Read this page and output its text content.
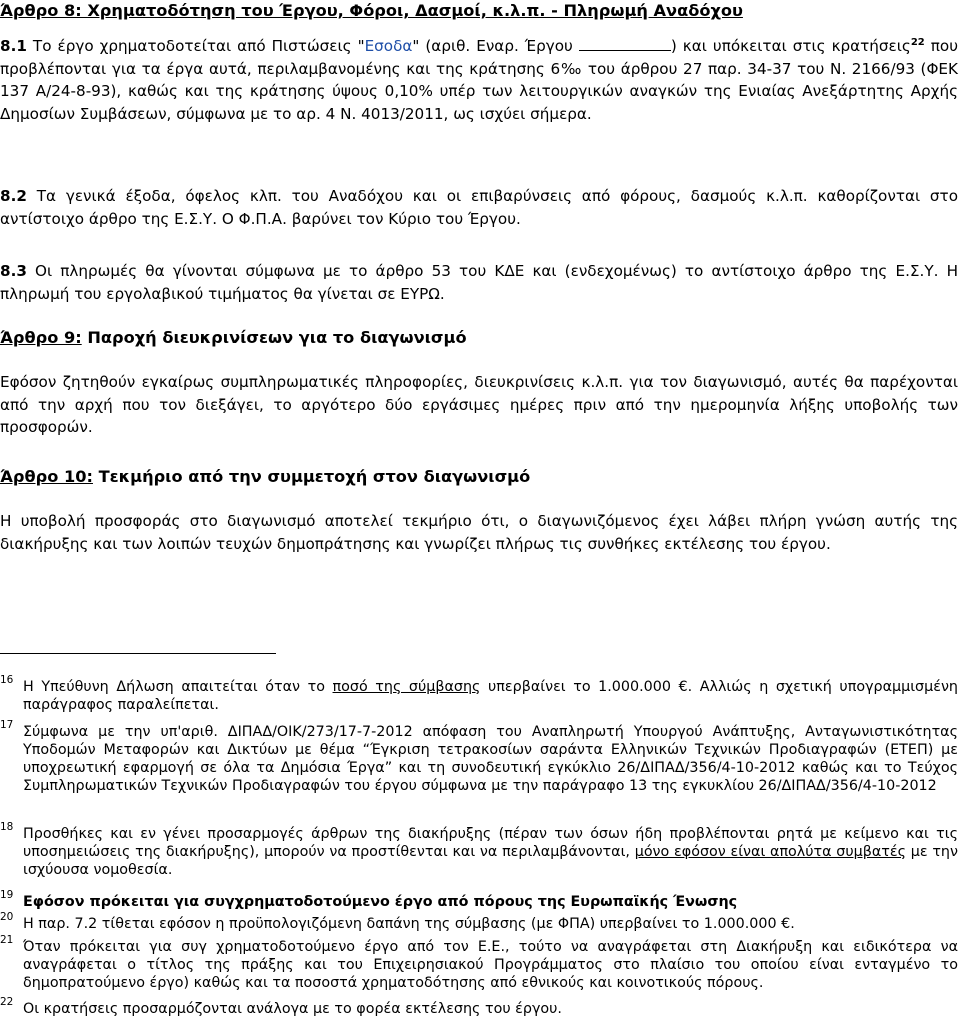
Άρθρο 8: Χρηματοδότηση του Έργου, Φόροι, Δασμοί, κ.λ.π. - Πληρωμή Αναδόχου

8.1 Το έργο χρηματοδοτείται από Πιστώσεις "Εσοδα" (αριθ. Εναρ. Έργου	) και υπόκειται στις κρατήσεις$^{22}$ που προβλέπονται για τα έργα αυτά, περιλαμβανομένης και της κράτησης 6‰ του άρθρου 27 παρ. 34-37 του Ν. 2166/93 (ΦΕΚ 137 Α/24-8-93), καθώς και της κράτησης ύψους 0,10% υπέρ των λειτουργικών αναγκών της Ενιαίας Ανεξάρτητης Αρχής Δημοσίων Συμβάσεων, σύμφωνα με το αρ. 4 Ν. 4013/2011, ως ισχύει σήμερα.

8.2 Τα γενικά έξοδα, όφελος κλπ. του Αναδόχου και οι επιβαρύνσεις από φόρους, δασμούς κ.λ.π. καθορίζονται στο αντίστοιχο άρθρο της Ε.Σ.Υ. Ο Φ.Π.Α. βαρύνει τον Κύριο του Έργου.

8.3 Οι πληρωμές θα γίνονται σύμφωνα με το άρθρο 53 του ΚΔΕ και (ενδεχομένως) το αντίστοιχο άρθρο της Ε.Σ.Υ. Η πληρωμή του εργολαβικού τιμήματος θα γίνεται σε ΕΥΡΩ.

Άρθρο 9: Παροχή διευκρινίσεων για το διαγωνισμό

Εφόσον ζητηθούν εγκαίρως συμπληρωματικές πληροφορίες, διευκρινίσεις κ.λ.π. για τον διαγωνισμό, αυτές θα παρέχονται από την αρχή που τον διεξάγει, το αργότερο δύο εργάσιμες ημέρες πριν από την ημερομηνία λήξης υποβολής των προσφορών.

Άρθρο 10: Τεκμήριο από την συμμετοχή στον διαγωνισμό

Η υποβολή προσφοράς στο διαγωνισμό αποτελεί τεκμήριο ότι, ο διαγωνιζόμενος έχει λάβει πλήρη γνώση αυτής της διακήρυξης και των λοιπών τευχών δημοπράτησης και γνωρίζει πλήρως τις συνθήκες εκτέλεσης του έργου.

16 Η Υπεύθυνη Δήλωση απαιτείται όταν το ποσό της σύμβασης υπερβαίνει το 1.000.000 €. Αλλιώς η σχετική υπογραμμισμένη παράγραφος παραλείπεται.
17 Σύμφωνα με την υπ'αριθ. ΔΙΠΑΔ/ΟΙΚ/273/17-7-2012 απόφαση του Αναπληρωτή Υπουργού Ανάπτυξης, Ανταγωνιστικότητας Υποδομών Μεταφορών και Δικτύων με θέμα “Έγκριση τετρακοσίων σαράντα Ελληνικών Τεχνικών Προδιαγραφών (ΕΤΕΠ) με υποχρεωτική εφαρμογή σε όλα τα Δημόσια Έργα” και τη συνοδευτική εγκύκλιο 26/ΔΙΠΑΔ/356/4-10-2012 καθώς και το Τεύχος Συμπληρωματικών Τεχνικών Προδιαγραφών του έργου σύμφωνα με την παράγραφο 13 της εγκυκλίου 26/ΔΙΠΑΔ/356/4-10-2012
18 Προσθήκες και εν γένει προσαρμογές άρθρων της διακήρυξης (πέραν των όσων ήδη προβλέπονται ρητά με κείμενο και τις υποσημειώσεις της διακήρυξης), μπορούν να προστίθενται και να περιλαμβάνονται, μόνο εφόσον είναι απολύτα συμβατές με την ισχύουσα νομοθεσία.
19 Εφόσον πρόκειται για συγχρηματοδοτούμενο έργο από πόρους της Ευρωπαϊκής Ένωσης
20 Η παρ. 7.2 τίθεται εφόσον η προϋπολογιζόμενη δαπάνη της σύμβασης (με ΦΠΑ) υπερβαίνει το 1.000.000 €.
21 Όταν πρόκειται για συγ χρηματοδοτούμενο έργο από τον Ε.Ε., τούτο να αναγράφεται στη Διακήρυξη και ειδικότερα να αναγράφεται ο τίτλος της πράξης και του Επιχειρησιακού Προγράμματος στο πλαίσιο του οποίου είναι ενταγμένο το δημοπρατούμενο έργο) καθώς και τα ποσοστά χρηματοδότησης από εθνικούς και κοινοτικούς πόρους.
22 Οι κρατήσεις προσαρμόζονται ανάλογα με το φορέα εκτέλεσης του έργου.
